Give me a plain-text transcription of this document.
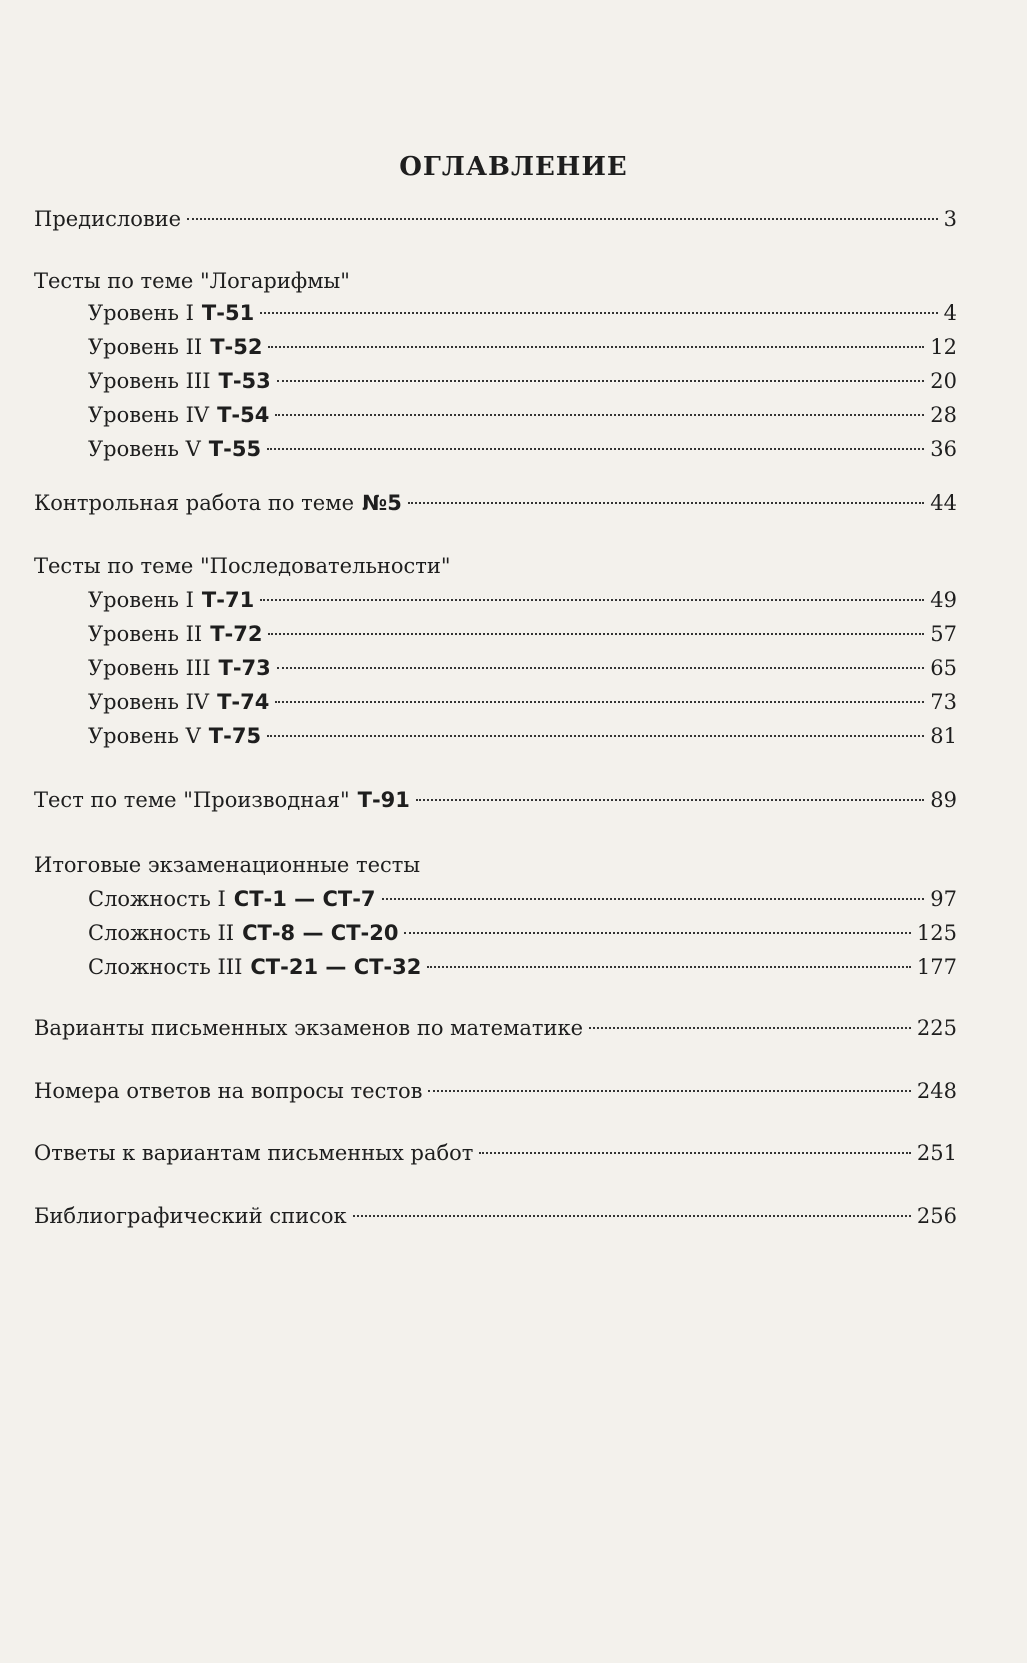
ОГЛАВЛЕНИЕ
Предисловие	3
Тесты по теме "Логарифмы"
Уровень I Т-51	4
Уровень II Т-52	12
Уровень III Т-53	20
Уровень IV Т-54	28
Уровень V Т-55	36
Контрольная работа по теме №5	44
Тесты по теме "Последовательности"
Уровень I Т-71	49
Уровень II Т-72	57
Уровень III Т-73	65
Уровень IV Т-74	73
Уровень V Т-75	81
Тест по теме "Производная" Т-91	89
Итоговые экзаменационные тесты
Сложность I СТ-1 — СТ-7	97
Сложность II СТ-8 — СТ-20	125
Сложность III СТ-21 — СТ-32	177
Варианты письменных экзаменов по математике	225
Номера ответов на вопросы тестов	248
Ответы к вариантам письменных работ	251
Библиографический список	256
